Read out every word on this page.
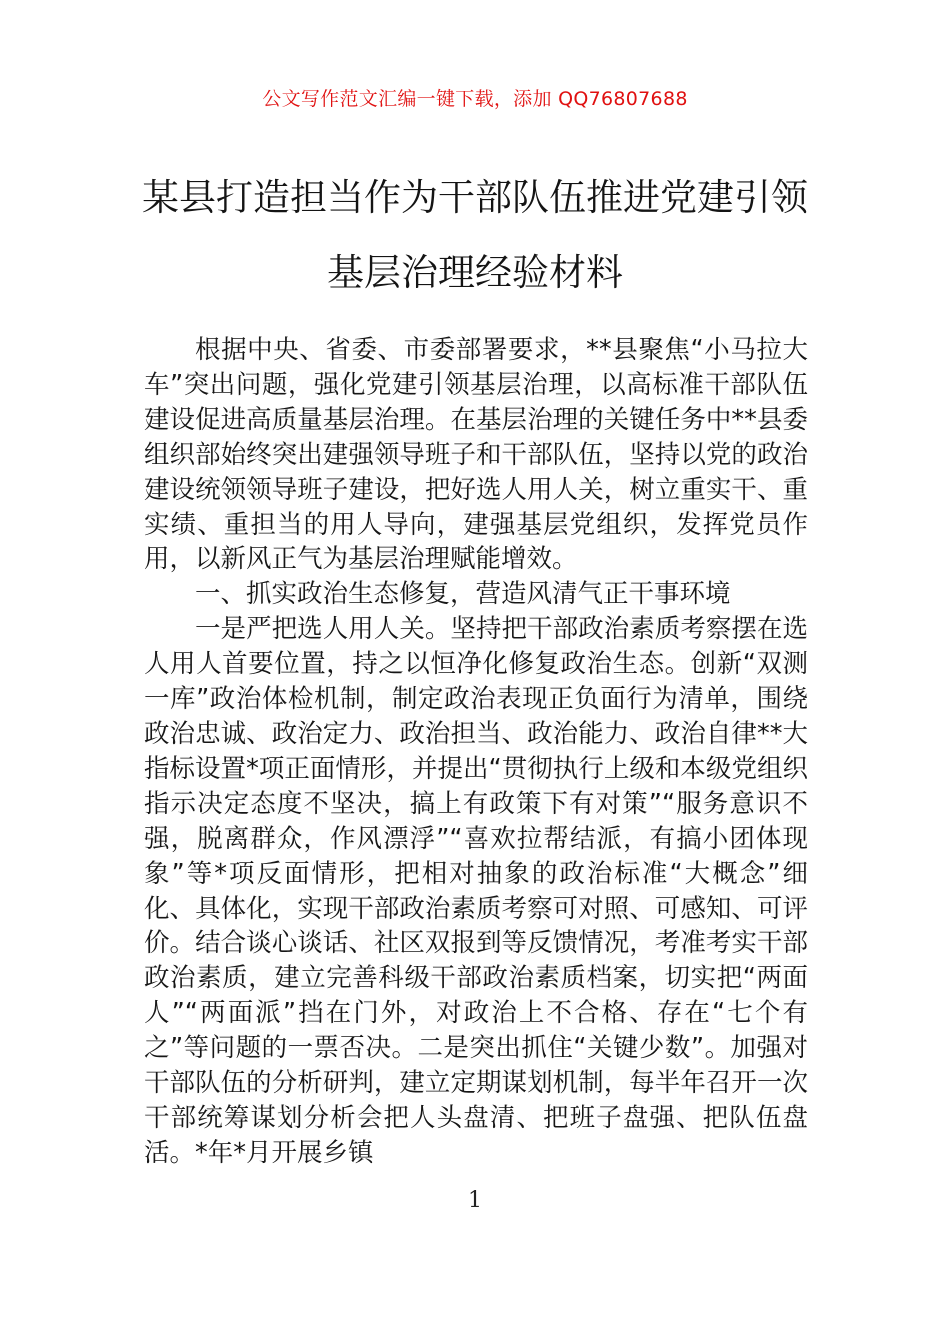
公文写作范文汇编一键下载，添加 QQ76807688
某县打造担当作为干部队伍推进党建引领
基层治理经验材料

根据中央、省委、市委部署要求，**县聚焦“小马拉大车”突出问题，强化党建引领基层治理，以高标准干部队伍建设促进高质量基层治理。在基层治理的关键任务中**县委组织部始终突出建强领导班子和干部队伍，坚持以党的政治建设统领领导班子建设，把好选人用人关，树立重实干、重实绩、重担当的用人导向，建强基层党组织，发挥党员作用，以新风正气为基层治理赋能增效。

一、抓实政治生态修复，营造风清气正干事环境

一是严把选人用人关。坚持把干部政治素质考察摆在选人用人首要位置，持之以恒净化修复政治生态。创新“双测一库”政治体检机制，制定政治表现正负面行为清单，围绕政治忠诚、政治定力、政治担当、政治能力、政治自律**大指标设置*项正面情形，并提出“贯彻执行上级和本级党组织指示决定态度不坚决，搞上有政策下有对策”“服务意识不强，脱离群众，作风漂浮”“喜欢拉帮结派，有搞小团体现象”等*项反面情形，把相对抽象的政治标准“大概念”细化、具体化，实现干部政治素质考察可对照、可感知、可评价。结合谈心谈话、社区双报到等反馈情况，考准考实干部政治素质，建立完善科级干部政治素质档案，切实把“两面人”“两面派”挡在门外，对政治上不合格、存在“七个有之”等问题的一票否决。二是突出抓住“关键少数”。加强对干部队伍的分析研判，建立定期谋划机制，每半年召开一次干部统筹谋划分析会把人头盘清、把班子盘强、把队伍盘活。*年*月开展乡镇

1
